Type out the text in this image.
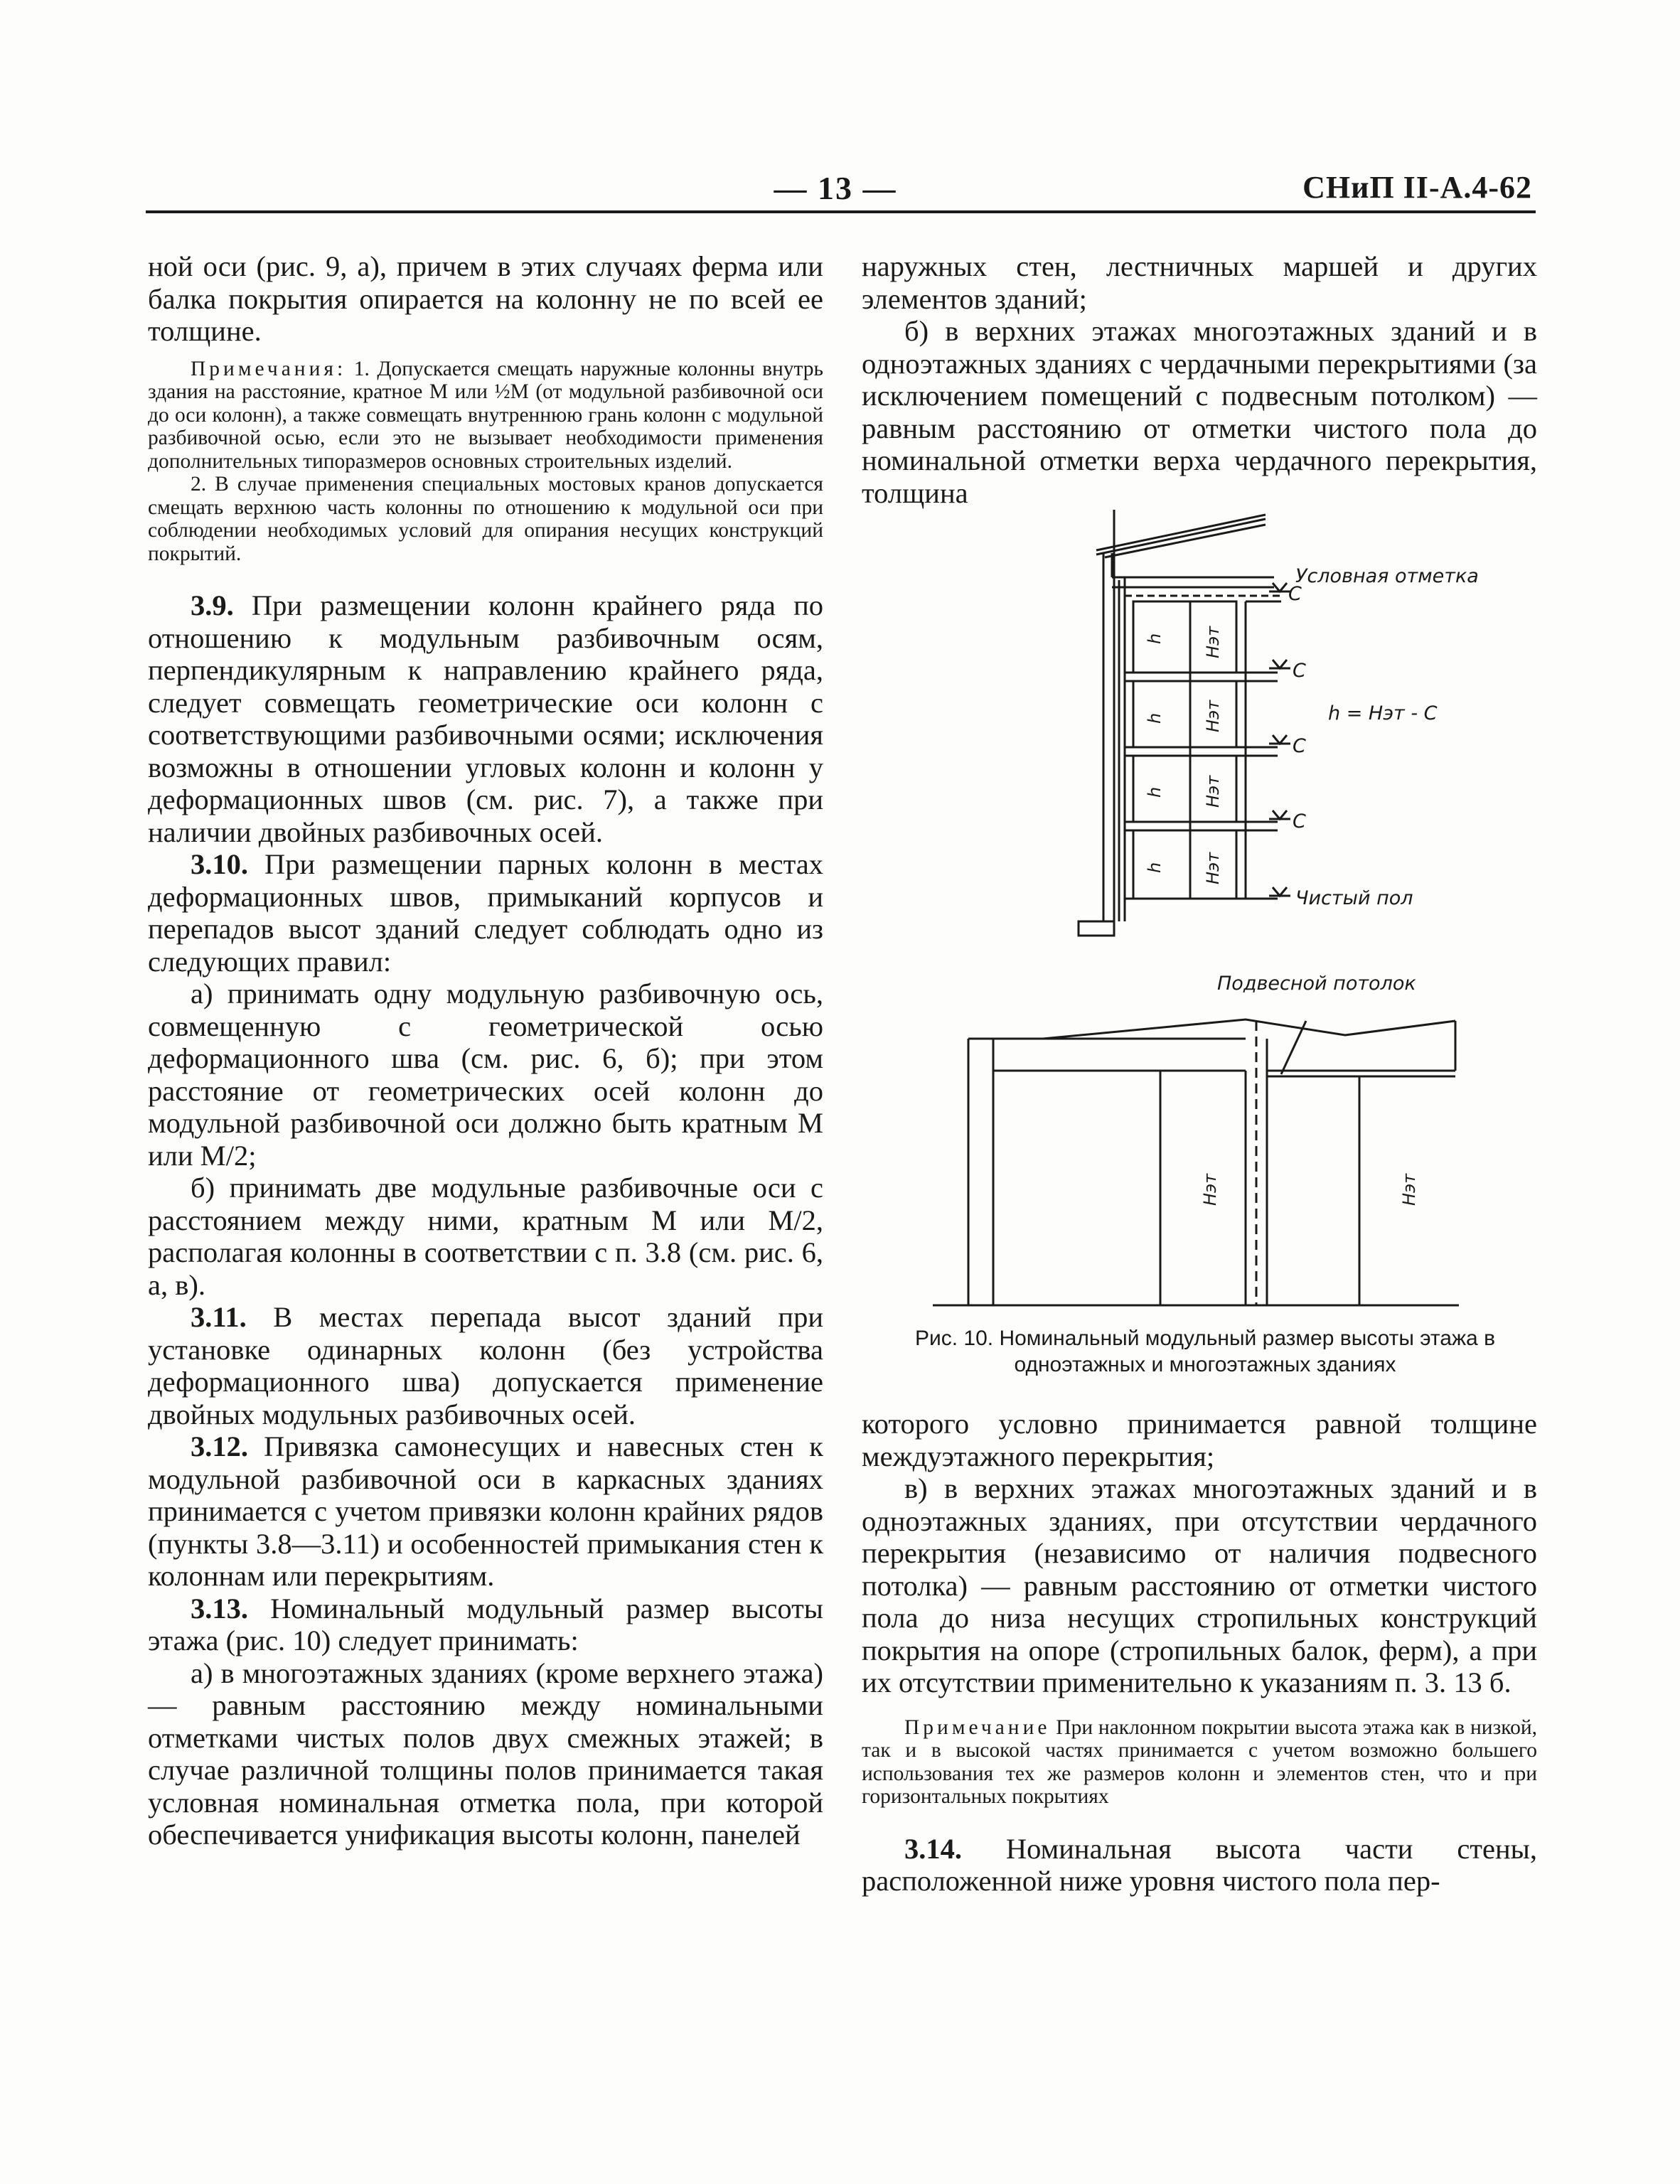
— 13 —	СНиП II-А.4-62

ной оси (рис. 9, а), причем в этих случаях ферма или балка покрытия опирается на колонну не по всей ее толщине.

Примечания: 1. Допускается смещать наружные колонны внутрь здания на расстояние, кратное М или ½М (от модульной разбивочной оси до оси колонн), а также совмещать внутреннюю грань колонн с модульной разбивочной осью, если это не вызывает необходимости применения дополнительных типоразмеров основных строительных изделий.
2. В случае применения специальных мостовых кранов допускается смещать верхнюю часть колонны по отношению к модульной оси при соблюдении необходимых условий для опирания несущих конструкций покрытий.

3.9. При размещении колонн крайнего ряда по отношению к модульным разбивочным осям, перпендикулярным к направлению крайнего ряда, следует совмещать геометрические оси колонн с соответствующими разбивочными осями; исключения возможны в отношении угловых колонн и колонн у деформационных швов (см. рис. 7), а также при наличии двойных разбивочных осей.

3.10. При размещении парных колонн в местах деформационных швов, примыканий корпусов и перепадов высот зданий следует соблюдать одно из следующих правил:

а) принимать одну модульную разбивочную ось, совмещенную с геометрической осью деформационного шва (см. рис. 6, б); при этом расстояние от геометрических осей колонн до модульной разбивочной оси должно быть кратным М или М/2;

б) принимать две модульные разбивочные оси с расстоянием между ними, кратным М или М/2, располагая колонны в соответствии с п. 3.8 (см. рис. 6, а, в).

3.11. В местах перепада высот зданий при установке одинарных колонн (без устройства деформационного шва) допускается применение двойных модульных разбивочных осей.

3.12. Привязка самонесущих и навесных стен к модульной разбивочной оси в каркасных зданиях принимается с учетом привязки колонн крайних рядов (пункты 3.8—3.11) и особенностей примыкания стен к колоннам или перекрытиям.

3.13. Номинальный модульный размер высоты этажа (рис. 10) следует принимать:

а) в многоэтажных зданиях (кроме верхнего этажа) — равным расстоянию между номинальными отметками чистых полов двух смежных этажей; в случае различной толщины полов принимается такая условная номинальная отметка пола, при которой обеспечивается унификация высоты колонн, панелей

наружных стен, лестничных маршей и других элементов зданий;

б) в верхних этажах многоэтажных зданий и в одноэтажных зданиях с чердачными перекрытиями (за исключением помещений с подвесным потолком) — равным расстоянию от отметки чистого пола до номинальной отметки верха чердачного перекрытия, толщина

Условная отметка
С
С
С
С
h = Нэт - С
Чистый пол
h
h
h
h
Нэт
Нэт
Нэт
Нэт
Подвесной потолок
Нэт	Нэт
Рис. 10. Номинальный модульный размер высоты этажа в одноэтажных и многоэтажных зданиях

которого условно принимается равной толщине междуэтажного перекрытия;

в) в верхних этажах многоэтажных зданий и в одноэтажных зданиях, при отсутствии чердачного перекрытия (независимо от наличия подвесного потолка) — равным расстоянию от отметки чистого пола до низа несущих стропильных конструкций покрытия на опоре (стропильных балок, ферм), а при их отсутствии применительно к указаниям п. 3. 13 б.

Примечание При наклонном покрытии высота этажа как в низкой, так и в высокой частях принимается с учетом возможно большего использования тех же размеров колонн и элементов стен, что и при горизонтальных покрытиях

3.14. Номинальная высота части стены, расположенной ниже уровня чистого пола пер-
